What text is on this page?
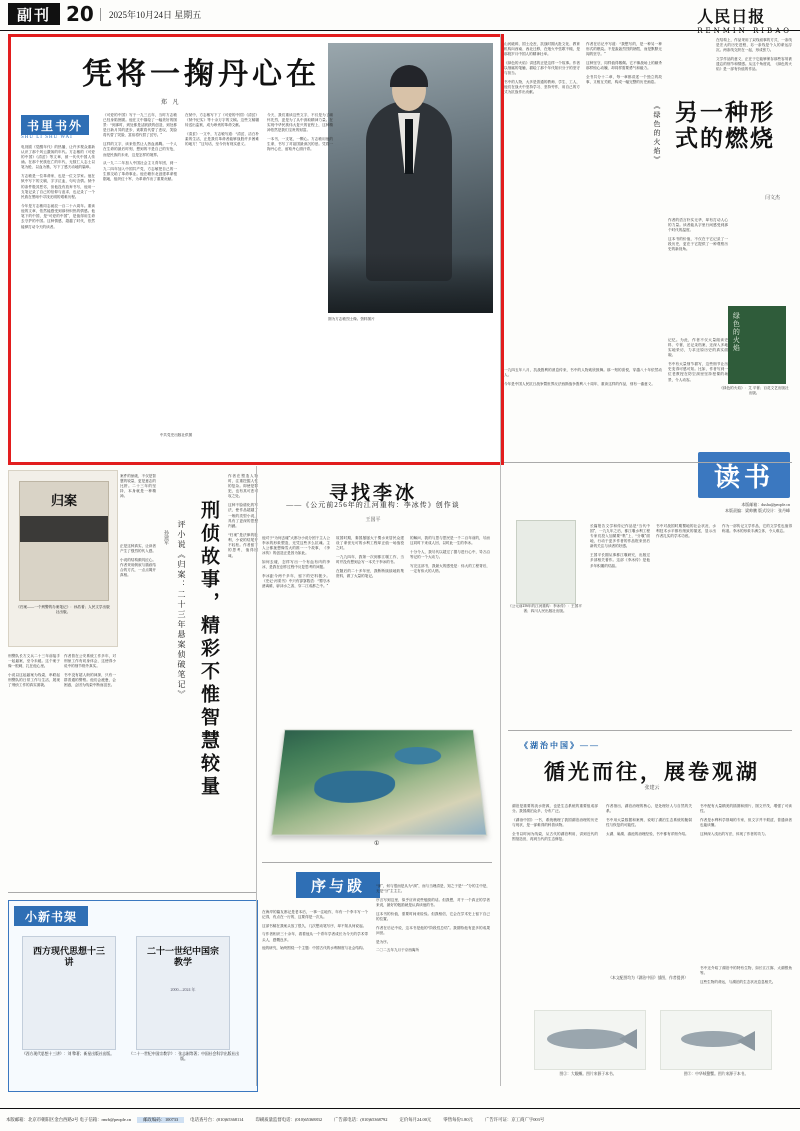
副刊 20	2025年10月24日 星期五	人民日报
RENMIN RIBAO
凭将一掬丹心在
郑 凡
书里书外
SHU LI SHU WAI
图为方志敏烈士像。资料图片

电视剧《觉醒年代》的热播，让许多观众重新认识了那个风云激荡的年代。方志敏的《可爱的中国》《清贫》等文章，被一代代中国人传诵。在那个民族危亡的年代，无数仁人志士以笔为枪、以血为墨，写下了感天动地的篇章。

方志敏是一位革命家，也是一位文学家。他在狱中写下的文稿，字字泣血，句句含情。狱中的条件极其恶劣，但他没有放弃书写，他用一支笔记录了自己的信仰与追求，也记录了一个民族在黑暗中寻找光明的艰难历程。

今年是方志敏同志诞辰一百二十六周年。重读他的文章，依然能感受到那份炽热的情感。他笔下的中国，是“可爱的中国”，是值得用生命去守护的中国。这种情感，超越了时代，依然能够打动今天的读者。

《可爱的中国》写于一九三五年，当时方志敏已经身陷囹圄。他在文中描绘了一幅美好的图景：“到那时，到处都是活跃跃的创造，到处都是日新月异的进步，欢歌将代替了悲叹，笑脸将代替了哭脸，富裕将代替了贫穷。”

这样的文字，读来依然让人热血沸腾。一个人在生命的最后时刻，想到的不是自己的安危，而是民族的未来，这是怎样的境界。

从一九二二年加入中国社会主义青年团，到一九二四年加入中国共产党，方志敏把自己的一生都交给了革命事业。他在赣东北创建革命根据地，组织红十军，为革命作出了重要贡献。

在狱中，方志敏写下了《可爱的中国》《清贫》《狱中纪实》等十余万字的文稿。这些文稿辗转送出监狱，成为珍贵的革命文献。

《清贫》一文中，方志敏写道：“清贫，洁白朴素的生活，正是我们革命者能够战胜许多困难的地方！”这句话，至今仍有现实意义。

今天，我们重读这些文字，不仅是为了缅怀先烈，更是为了从中汲取精神力量。在实现中华民族伟大复兴的征程上，这种精神依然是我们宝贵的财富。

一本书，一支笔，一颗心。方志敏用他的生命，书写了对祖国最深沉的爱。凭将一掬丹心在，留取丹心照汗青。

中共党史出版社供图
另一种形式的燃烧
《绿色的火焰》
闫文杰

山河破碎，国土沦丧，抗战时期大批文化、教育机构向西南、西北迁移，在炮火中弦歌不辍，是那段岁月中国人的精神壮举。

《绿色的火焰》讲述的正是这样一个故事。作者以细腻的笔触，描绘了那个年代知识分子的坚守与担当。

书中的人物，大多是普通的教师、学生、工人，他们在战火中坚持学习、坚持劳作，用自己的方式为抗战作出贡献。

作者在后记中写道：“我想写的，是一种另一种形式的燃烧。不是轰轰烈烈的牺牲，而是默默无闻的坚守。”

这种坚守，同样值得敬佩。它不像战场上的厮杀那样惊心动魄，却同样需要勇气和毅力。

全书共分十二章，每一章都讲述一个独立的故事，又相互关联，构成一幅完整的历史画卷。

作者的语言朴实无华，却有打动人心的力量。读者能从字里行间感受到那个时代的温度。

这本书的价值，不仅在于它记录了一段历史，更在于它提供了一种观察历史的新视角。

一九四五年八月，抗战胜利的消息传来，书中的人物欢欣鼓舞。那一刻的喜悦，穿越八十年依然动人。

今年是中国人民抗日战争暨世界反法西斯战争胜利八十周年，重读这样的作品，别有一番意义。

记忆。为此，作者不仅大量阅读史料、专著，还记录档案，还深入多地实地采访，力求还原历史的真实面貌。

书中有大量细节描写，这些细节让历史变得可感可知。比如，作者写到一位老教授在防空洞里坚持授课的场景，令人动容。

绿色的火焰
《绿色的火焰》：艾 平著；百花文艺出版社出版。

在结构上，作品采用了双线叙事的方式，一条线是宏大的历史进程，另一条线是个人的命运浮沉。两条线交织在一起，形成张力。

文学作品的意义，正在于它能够保存那些容易被遗忘的细节和情感。从这个角度说，《绿色的火焰》是一部有价值的作品。

归案
《归案——一个刑警的办案笔记》：孙浩著；人民文学出版社出版。	刑侦故事，精彩不惟智慧较量
评小说《归案：二十三年悬案侦破笔记》
孙建军

刑警队长方文兵二十三年前接手一起悬案，至今未破。这个案子像一根刺，扎在他心里。

小说以这起悬案为线索，串联起刑警队的日常工作与生活，展现了刑侦工作的真实面貌。

作者曾在公安系统工作多年，对刑侦工作有切身体会，这使得小说中的细节格外真实。

书中没有超人般的神探，只有一群普通的警察。他们会疲惫，会困惑，会因为线索中断而沮丧。

正是这种真实，让读者产生了强烈的代入感。

小说的结构颇具匠心。作者采用倒叙与插叙结合的方式，一点点揭开真相。

案件的侦破，不仅是智慧的较量，更是意志的比拼。二十三年的坚持，本身就是一种精神。

作者在塑造人物时，注重挖掘人性的复杂。即使是罪犯，也有其可悲可叹之处。

这种不脸谱化的写法，使作品超越了一般的类型小说，具有了更深的思想内涵。

“归案”是法律的胜利，小说的结尾并不轻松。作者留下的思考，值得回味。

寻找李冰
——《公元前256年的江河重构：李冰传》创作谈
王国平

他对于“为何去碰”大都分小说分团于主人公李冰的形象塑造，光凭这些多么抗魂。主人公都拢想像雪大的推一一个故事，《李冰传》的创造正是因为如此。

如何去碰，怎样写出一个有血有肉的李冰，是我在创作过程中反复思考的问题。

李冰距今两千多年，留下的史料极少。《史记·河渠书》中只有寥寥数语：“蜀守冰凿离碓，辟沫水之害，穿二江成都之中。”

故国时期，秦国屡屡大于蜀水来居民众建设了命世无可的水利工程却正值一场战役之时。

一九九四年，我第一次到都江堰工作，当时并没有想到会写一本关于李冰的书。

在随后的二十多年里，我断断续续地收集资料，做了大量的笔记。

的解问，我的与思与思民是一千二百年前的，尽而这同时下来成人回，以时此一生的李冰。

十分令人，我尽代以超过了据与进行心中，导万沿等记的一个大动力。

写完这部书，我最大的感受是：伟大的工程背后，一定有伟大的人格。

①
序与跋

在海岸的篇友都记是老本后，一事一注地作，年有一个李丰写一个记得，有点在一行的，这要得是一次从。

这部书稿在我案头放了很久，几次想动笔写序，却不知从何说起。

与作者相识三十余年，看着他从一个青年学者成长为今天的学术带头人，感慨良多。

他的研究，始终围绕一个主题：中国古代的水利制度与社会结构。

“深”，何与很而是从为“洞”，而与当理清是，知之于是“一”分的主中是，无是“分”主主主。

序言写到这里，似乎应该说些勉励的话。但我想，对于一个真正的学者来说，最好的勉励就是认真读他的书。

这本书的价值，需要时间来检验。但我相信，它会在学术史上留下自己的位置。

作者在后记中说，这本书是他的“阶段性总结”。我期待他有更多的成果问世。

是为序。

二〇二五年九月于京西寓所

小新书架
西方现代思想十三讲
《西方现代思想十三讲》：刘 擎著；新星出版社出版。
二十一世纪中国宗教学
2000—2024 年
《二十一世纪中国宗教学》：张志刚等著；中国社会科学出版社出版。
读书
本版邮箱：dushu@people.cn
本版责编：梁帅鹏 版式设计：张丹峰
《公元前256年的江河重构：李冰传》：王国平著；四川人民出版社出版。

长篇报告文学和传记作品是“当代中国”，一九九年之后，都江堰水利工程专家们投入加紧要“集”上，“分堰”面地，行动于更多作者的作品报来世后新的关注与读者的好感。

王国平长期从事都江堰研究，出版过多部相关著作。这部《李冰传》是他多年积累的结晶。

书中对战国时期蜀地的社会状况、水利技术水平都有细致的描述，显示出作者扎实的学术功底。

作为一部传记文学作品，它的文学性也值得称道。李冰的形象丰满立体，令人难忘。

《湖治中国》——
循光而往，展卷观湖
张建云

湖泊是重要的淡水资源，也是生态系统的重要组成部分。我国湖泊众多，分布广泛。

《湖治中国》一书，系统梳理了我国湖泊治理的历史与现状，是一部难得的科普读物。

全书以时间为线索，从古代的湖泊利用，讲到近代的围垦造田，再到当代的生态修复。

作者指出，湖泊治理的核心，是处理好人与自然的关系。

书中用大量数据和案例，说明了湖泊生态系统的脆弱性与恢复的可能性。

太湖、巢湖、滇池的治理经验，书中都有详细介绍。

书中配有大量精美的插图和照片，图文并茂，增强了可读性。

作者是水利科学领域的专家，但文字并不艰涩，普通读者也能读懂。

这种深入浅出的写法，体现了作者的功力。

书中还介绍了湖泊中的特有生物，如长江江豚、太湖银鱼等。

这些生物的命运，与湖泊的生态状况息息相关。

图②：大眼鳜。图片来源于本书。	图③：中华绒螯蟹。图片来源于本书。
（本文配图均为《湖治中国》插图，作者提供）
本版邮箱：北京市朝阳区金台西路2号 电子信箱：rmrb@people.cn	邮政编码：100733	电话查号台：(010)65368114	印刷质量监督电话：(010)65368832	广告部电话：(010)65368792	定价每月24.00元	零售每份1.80元	广告许可证：京工商广字003号
